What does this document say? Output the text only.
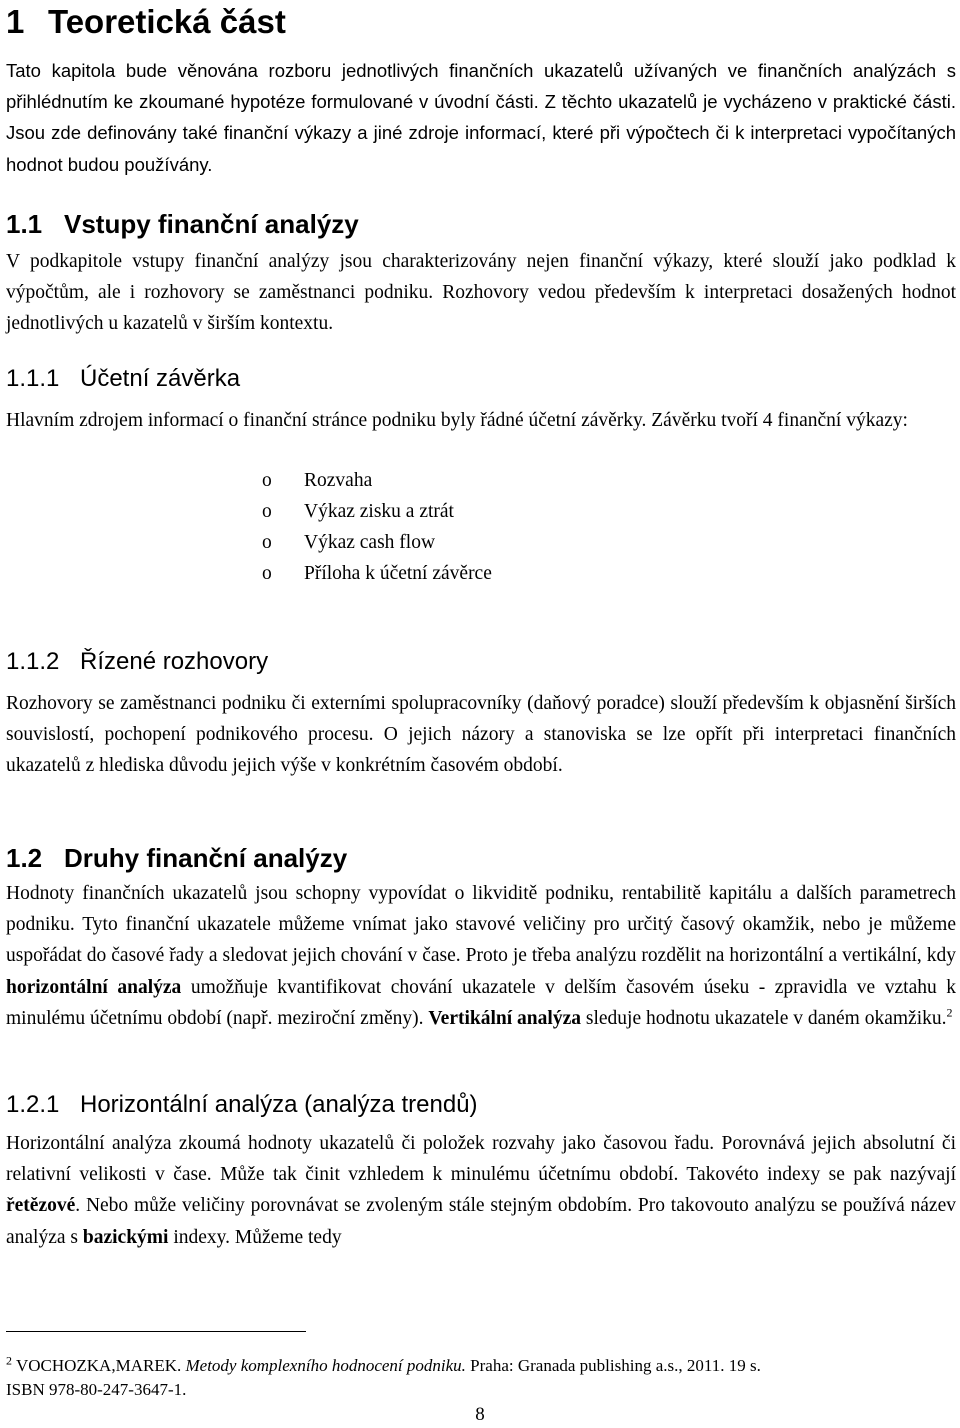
1 Teoretická část
Tato kapitola bude věnována rozboru jednotlivých finančních ukazatelů užívaných ve finančních analýzách s přihlédnutím ke zkoumané hypotéze formulované v úvodní části. Z těchto ukazatelů je vycházeno v praktické části. Jsou zde definovány také finanční výkazy a jiné zdroje informací, které při výpočtech či k interpretaci vypočítaných hodnot budou používány.
1.1 Vstupy finanční analýzy
V podkapitole vstupy finanční analýzy jsou charakterizovány nejen finanční výkazy, které slouží jako podklad k výpočtům, ale i rozhovory se zaměstnanci podniku. Rozhovory vedou především k interpretaci dosažených hodnot jednotlivých u kazatelů v širším kontextu.
1.1.1 Účetní závěrka
Hlavním zdrojem informací o finanční stránce podniku byly řádné účetní závěrky. Závěrku tvoří 4 finanční výkazy:
o Rozvaha
o Výkaz zisku a ztrát
o Výkaz cash flow
o Příloha k účetní závěrce
1.1.2 Řízené rozhovory
Rozhovory se zaměstnanci podniku či externími spolupracovníky (daňový poradce) slouží především k objasnění širších souvislostí, pochopení podnikového procesu. O jejich názory a stanoviska se lze opřít při interpretaci finančních ukazatelů z hlediska důvodu jejich výše v konkrétním časovém období.
1.2 Druhy finanční analýzy
Hodnoty finančních ukazatelů jsou schopny vypovídat o likviditě podniku, rentabilitě kapitálu a dalších parametrech podniku. Tyto finanční ukazatele můžeme vnímat jako stavové veličiny pro určitý časový okamžik, nebo je můžeme uspořádat do časové řady a sledovat jejich chování v čase. Proto je třeba analýzu rozdělit na horizontální a vertikální, kdy horizontální analýza umožňuje kvantifikovat chování ukazatele v delším časovém úseku - zpravidla ve vztahu k minulému účetnímu období (např. meziroční změny). Vertikální analýza sleduje hodnotu ukazatele v daném okamžiku.$^2$
1.2.1 Horizontální analýza (analýza trendů)
Horizontální analýza zkoumá hodnoty ukazatelů či položek rozvahy jako časovou řadu. Porovnává jejich absolutní či relativní velikosti v čase. Může tak činit vzhledem k minulému účetnímu období. Takovéto indexy se pak nazývají řetězové. Nebo může veličiny porovnávat se zvoleným stále stejným obdobím. Pro takovouto analýzu se používá název analýza s bazickými indexy. Můžeme tedy
$^2$ VOCHOZKA,MAREK. Metody komplexního hodnocení podniku. Praha: Granada publishing a.s., 2011. 19 s.
ISBN 978-80-247-3647-1.
8
